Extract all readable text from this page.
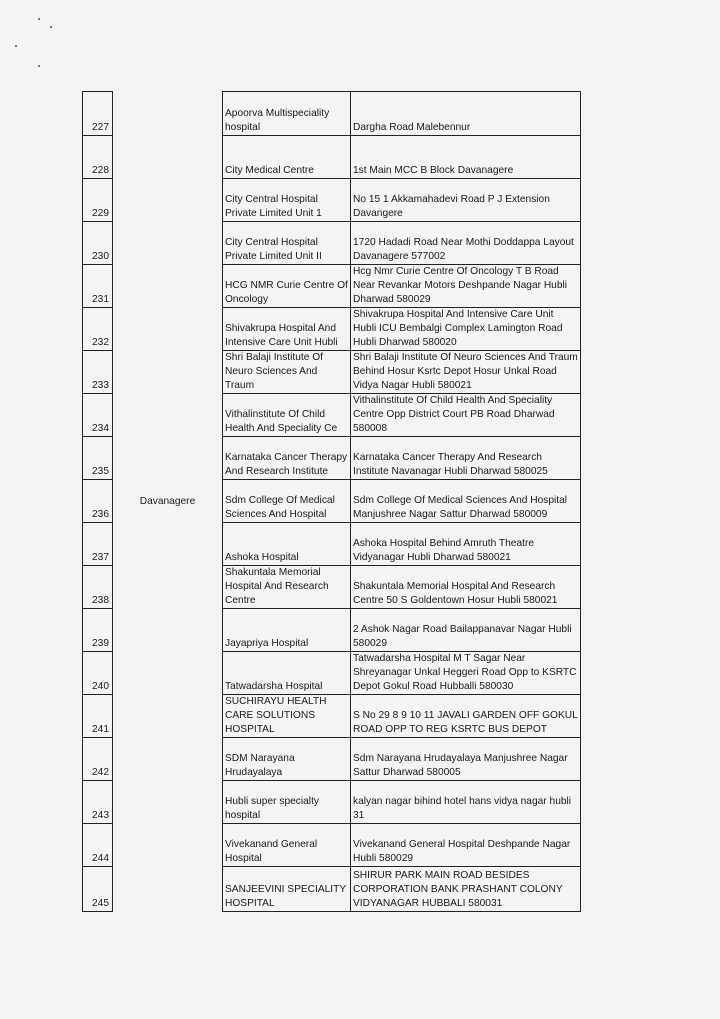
227	Davanagere	Apoorva Multispeciality hospital	Dargha Road Malebennur
228		City Medical Centre	1st Main MCC B Block Davanagere
229		City Central Hospital Private Limited Unit 1	No 15 1 Akkamahadevi Road P J Extension Davangere
230		City Central Hospital Private Limited Unit II	1720 Hadadi Road Near Mothi Doddappa Layout Davanagere 577002
231		HCG NMR Curie Centre Of Oncology	Hcg Nmr Curie Centre Of Oncology T B Road Near Revankar Motors Deshpande Nagar Hubli Dharwad 580029
232		Shivakrupa Hospital And Intensive Care Unit Hubli	Shivakrupa Hospital And Intensive Care Unit Hubli ICU Bembalgi Complex Lamington Road Hubli Dharwad 580020
233		Shri Balaji Institute Of Neuro Sciences And Traum	Shri Balaji Institute Of Neuro Sciences And Traum Behind Hosur Ksrtc Depot Hosur Unkal Road Vidya Nagar Hubli 580021
234		Vithalinstitute Of Child Health And Speciality Ce	Vithalinstitute Of Child Health And Speciality Centre Opp District Court PB Road Dharwad 580008
235		Karnataka Cancer Therapy And Research Institute	Karnataka Cancer Therapy And Research Institute Navanagar Hubli Dharwad 580025
236		Sdm College Of Medical Sciences And Hospital	Sdm College Of Medical Sciences And Hospital Manjushree Nagar Sattur Dharwad 580009
237		Ashoka Hospital	Ashoka Hospital Behind Amruth Theatre Vidyanagar Hubli Dharwad 580021
238		Shakuntala Memorial Hospital And Research Centre	Shakuntala Memorial Hospital And Research Centre 50 S Goldentown Hosur Hubli 580021
239		Jayapriya Hospital	2 Ashok Nagar Road Bailappanavar Nagar Hubli 580029
240		Tatwadarsha Hospital	Tatwadarsha Hospital M T Sagar Near Shreyanagar Unkal Heggeri Road Opp to KSRTC Depot Gokul Road Hubballi 580030
241		SUCHIRAYU HEALTH CARE SOLUTIONS HOSPITAL	S No 29 8 9 10 11 JAVALI GARDEN OFF GOKUL ROAD OPP TO REG KSRTC BUS DEPOT
242		SDM Narayana Hrudayalaya	Sdm Narayana Hrudayalaya Manjushree Nagar Sattur Dharwad 580005
243		Hubli super specialty hospital	kalyan nagar bihind hotel hans vidya nagar hubli 31
244		Vivekanand General Hospital	Vivekanand General Hospital Deshpande Nagar Hubli 580029
245		SANJEEVINI SPECIALITY HOSPITAL	SHIRUR PARK MAIN ROAD BESIDES CORPORATION BANK PRASHANT COLONY VIDYANAGAR HUBBALI 580031
